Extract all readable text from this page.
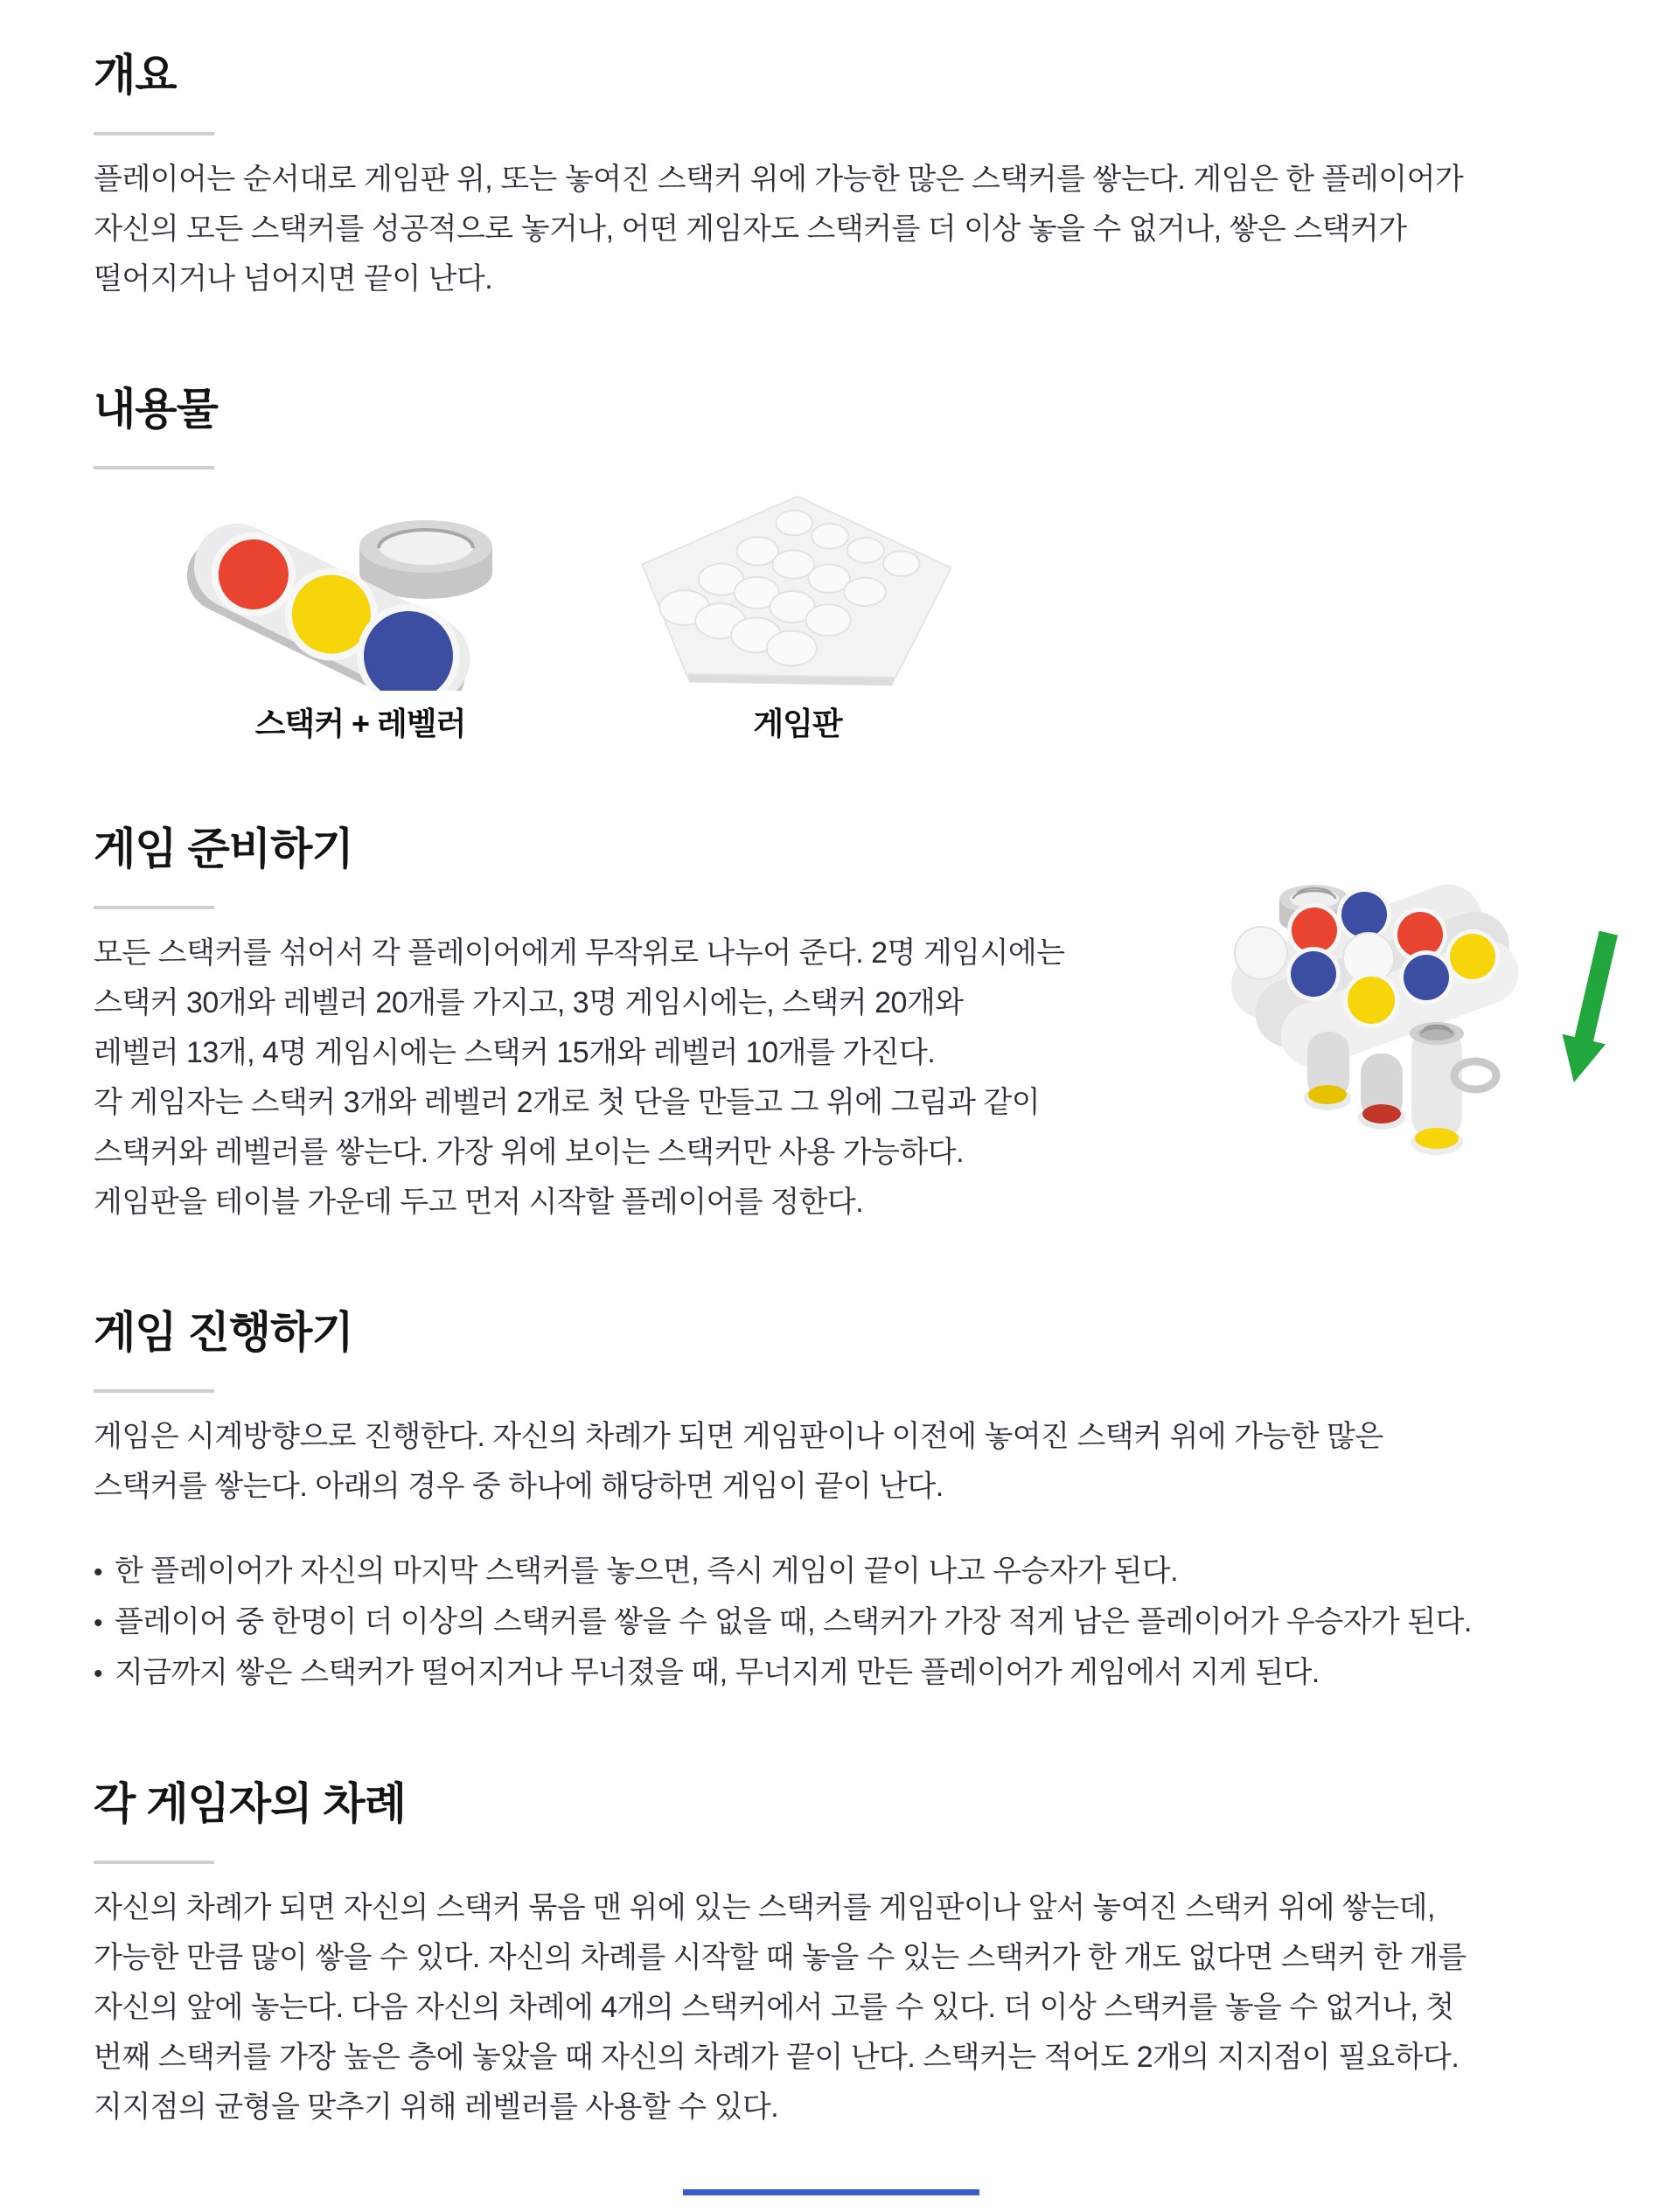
개요
플레이어는 순서대로 게임판 위, 또는 놓여진 스택커 위에 가능한 많은 스택커를 쌓는다. 게임은 한 플레이어가
자신의 모든 스택커를 성공적으로 놓거나, 어떤 게임자도 스택커를 더 이상 놓을 수 없거나, 쌓은 스택커가
떨어지거나 넘어지면 끝이 난다.
내용물
스택커 + 레벨러	게임판
게임 준비하기
모든 스택커를 섞어서 각 플레이어에게 무작위로 나누어 준다. 2명 게임시에는
스택커 30개와 레벨러 20개를 가지고, 3명 게임시에는, 스택커 20개와
레벨러 13개, 4명 게임시에는 스택커 15개와 레벨러 10개를 가진다.
각 게임자는 스택커 3개와 레벨러 2개로 첫 단을 만들고 그 위에 그림과 같이
스택커와 레벨러를 쌓는다. 가장 위에 보이는 스택커만 사용 가능하다.
게임판을 테이블 가운데 두고 먼저 시작할 플레이어를 정한다.
게임 진행하기
게임은 시계방향으로 진행한다. 자신의 차례가 되면 게임판이나 이전에 놓여진 스택커 위에 가능한 많은
스택커를 쌓는다. 아래의 경우 중 하나에 해당하면 게임이 끝이 난다.
• 한 플레이어가 자신의 마지막 스택커를 놓으면, 즉시 게임이 끝이 나고 우승자가 된다.
• 플레이어 중 한명이 더 이상의 스택커를 쌓을 수 없을 때, 스택커가 가장 적게 남은 플레이어가 우승자가 된다.
• 지금까지 쌓은 스택커가 떨어지거나 무너졌을 때, 무너지게 만든 플레이어가 게임에서 지게 된다.
각 게임자의 차례
자신의 차례가 되면 자신의 스택커 묶음 맨 위에 있는 스택커를 게임판이나 앞서 놓여진 스택커 위에 쌓는데,
가능한 만큼 많이 쌓을 수 있다. 자신의 차례를 시작할 때 놓을 수 있는 스택커가 한 개도 없다면 스택커 한 개를
자신의 앞에 놓는다. 다음 자신의 차례에 4개의 스택커에서 고를 수 있다. 더 이상 스택커를 놓을 수 없거나, 첫
번째 스택커를 가장 높은 층에 놓았을 때 자신의 차례가 끝이 난다. 스택커는 적어도 2개의 지지점이 필요하다.
지지점의 균형을 맞추기 위해 레벨러를 사용할 수 있다.
